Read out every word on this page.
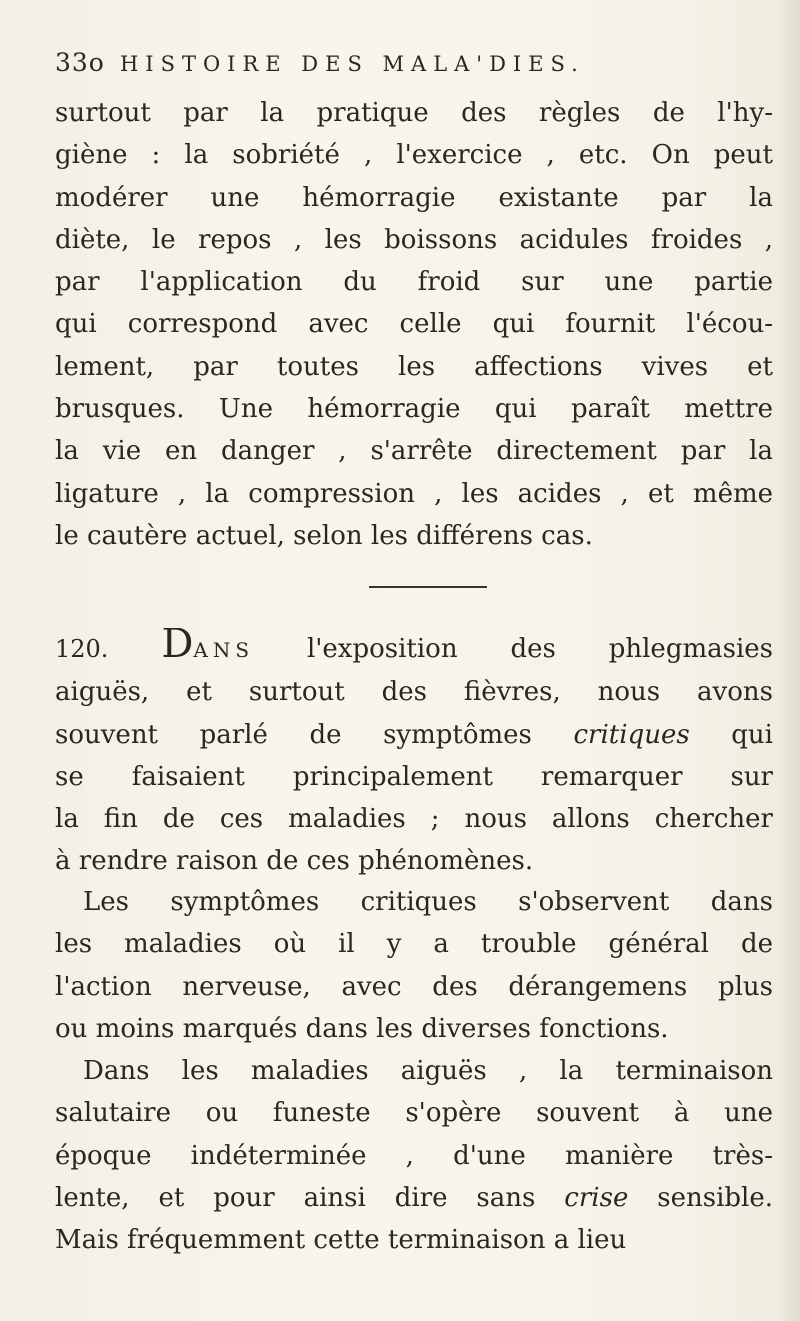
33o HISTOIRE DES MALA'DIES.
surtout par la pratique des règles de l'hy-
giène : la sobriété , l'exercice , etc. On peut
modérer une hémorragie existante par la
diète, le repos , les boissons acidules froides ,
par l'application du froid sur une partie
qui correspond avec celle qui fournit l'écou-
lement, par toutes les affections vives et
brusques. Une hémorragie qui paraît mettre
la vie en danger , s'arrête directement par la
ligature , la compression , les acides , et même
le cautère actuel, selon les différens cas.
120. DANS l'exposition des phlegmasies
aiguës, et surtout des fièvres, nous avons
souvent parlé de symptômes critiques qui
se faisaient principalement remarquer sur
la fin de ces maladies ; nous allons chercher
à rendre raison de ces phénomènes.
Les symptômes critiques s'observent dans
les maladies où il y a trouble général de
l'action nerveuse, avec des dérangemens plus
ou moins marqués dans les diverses fonctions.
Dans les maladies aiguës , la terminaison
salutaire ou funeste s'opère souvent à une
époque indéterminée , d'une manière très-
lente, et pour ainsi dire sans crise sensible.
Mais fréquemment cette terminaison a lieu
